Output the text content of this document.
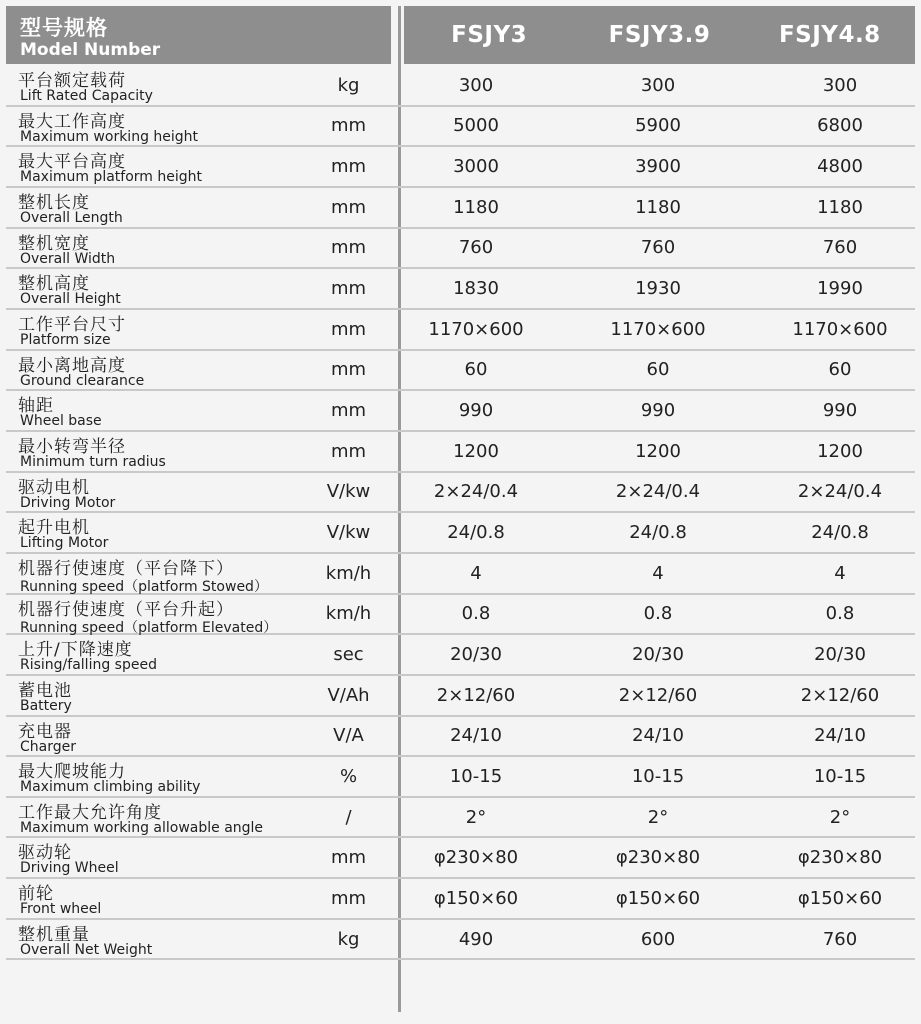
型号规格
Model Number
FSJY3	FSJY3.9	FSJY4.8
平台额定载荷
Lift Rated Capacity
kg	300	300	300
最大工作高度
Maximum working height
mm	5000	5900	6800
最大平台高度
Maximum platform height
mm	3000	3900	4800
整机长度
Overall Length
mm	1180	1180	1180
整机宽度
Overall Width
mm	760	760	760
整机高度
Overall Height
mm	1830	1930	1990
工作平台尺寸
Platform size
mm	1170×600	1170×600	1170×600
最小离地高度
Ground clearance
mm	60	60	60
轴距
Wheel base
mm	990	990	990
最小转弯半径
Minimum turn radius
mm	1200	1200	1200
驱动电机
Driving Motor
V/kw	2×24/0.4	2×24/0.4	2×24/0.4
起升电机
Lifting Motor
V/kw	24/0.8	24/0.8	24/0.8
机器行使速度（平台降下）
Running speed（platform Stowed）
km/h	4	4	4
机器行使速度（平台升起）
Running speed（platform Elevated）
km/h	0.8	0.8	0.8
上升/下降速度
Rising/falling speed
sec	20/30	20/30	20/30
蓄电池
Battery
V/Ah	2×12/60	2×12/60	2×12/60
充电器
Charger
V/A	24/10	24/10	24/10
最大爬坡能力
Maximum climbing ability
%	10-15	10-15	10-15
工作最大允许角度
Maximum working allowable angle
/	2°	2°	2°
驱动轮
Driving Wheel
mm	φ230×80	φ230×80	φ230×80
前轮
Front wheel
mm	φ150×60	φ150×60	φ150×60
整机重量
Overall Net Weight
kg	490	600	760
